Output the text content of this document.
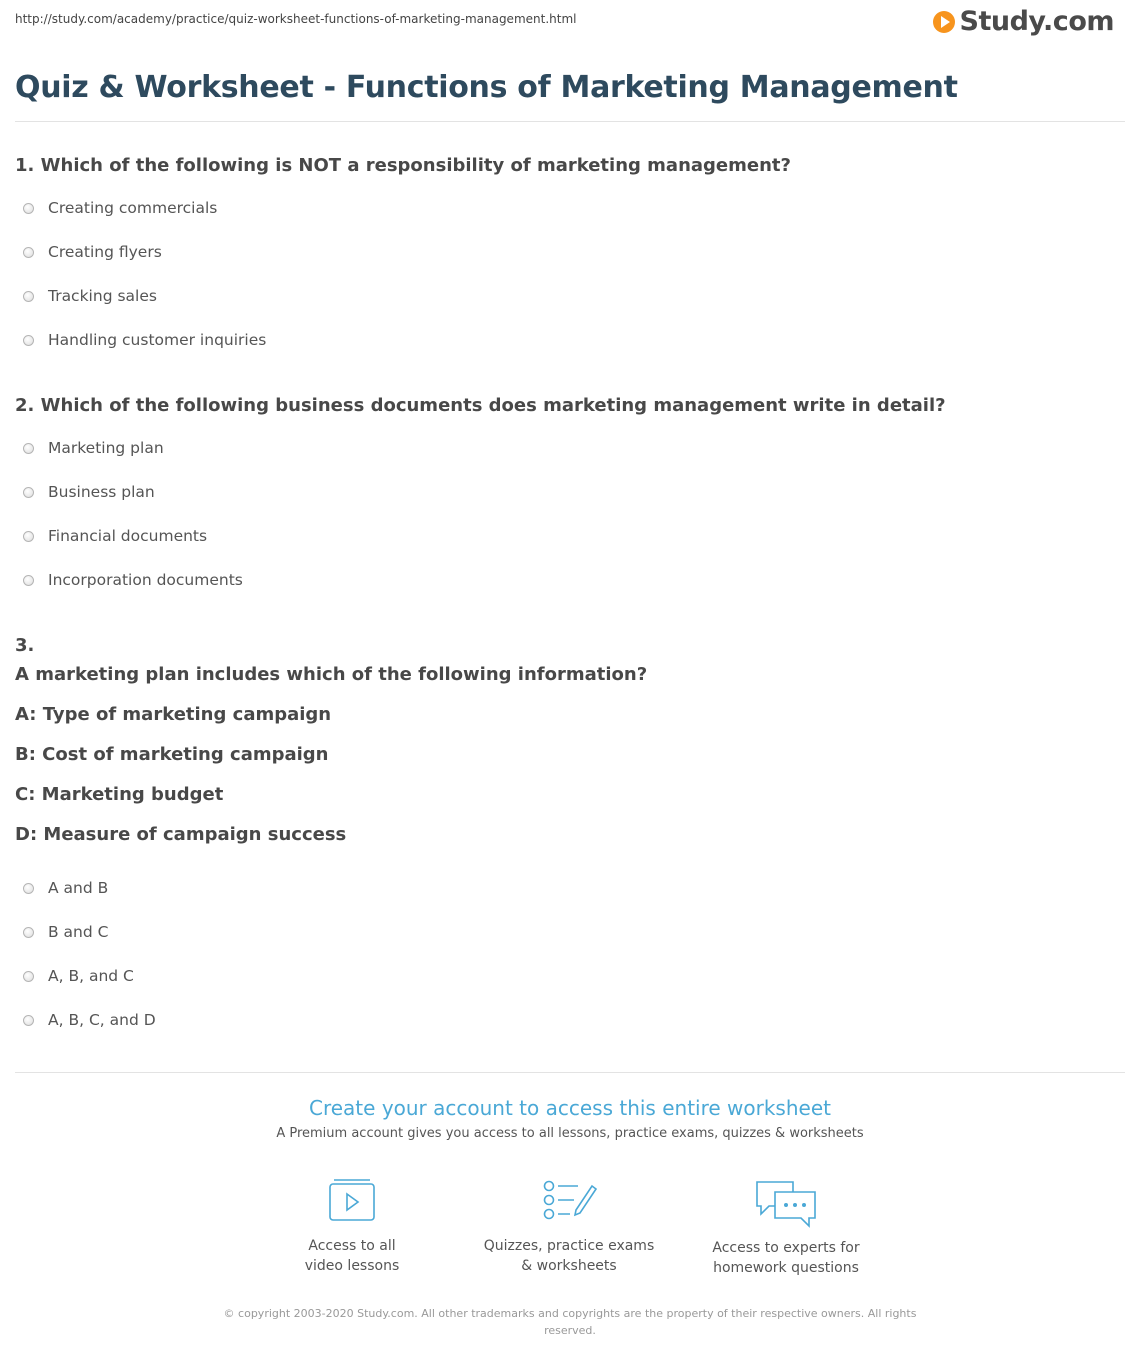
http://study.com/academy/practice/quiz-worksheet-functions-of-marketing-management.html	Study.com
Quiz & Worksheet - Functions of Marketing Management
1. Which of the following is NOT a responsibility of marketing management?
Creating commercials
Creating flyers
Tracking sales
Handling customer inquiries
2. Which of the following business documents does marketing management write in detail?
Marketing plan
Business plan
Financial documents
Incorporation documents
3.
A marketing plan includes which of the following information?
A: Type of marketing campaign
B: Cost of marketing campaign
C: Marketing budget
D: Measure of campaign success
A and B
B and C
A, B, and C
A, B, C, and D
Create your account to access this entire worksheet
A Premium account gives you access to all lessons, practice exams, quizzes & worksheets
Access to all
video lessons
Quizzes, practice exams
& worksheets
Access to experts for
homework questions
© copyright 2003-2020 Study.com. All other trademarks and copyrights are the property of their respective owners. All rights reserved.
